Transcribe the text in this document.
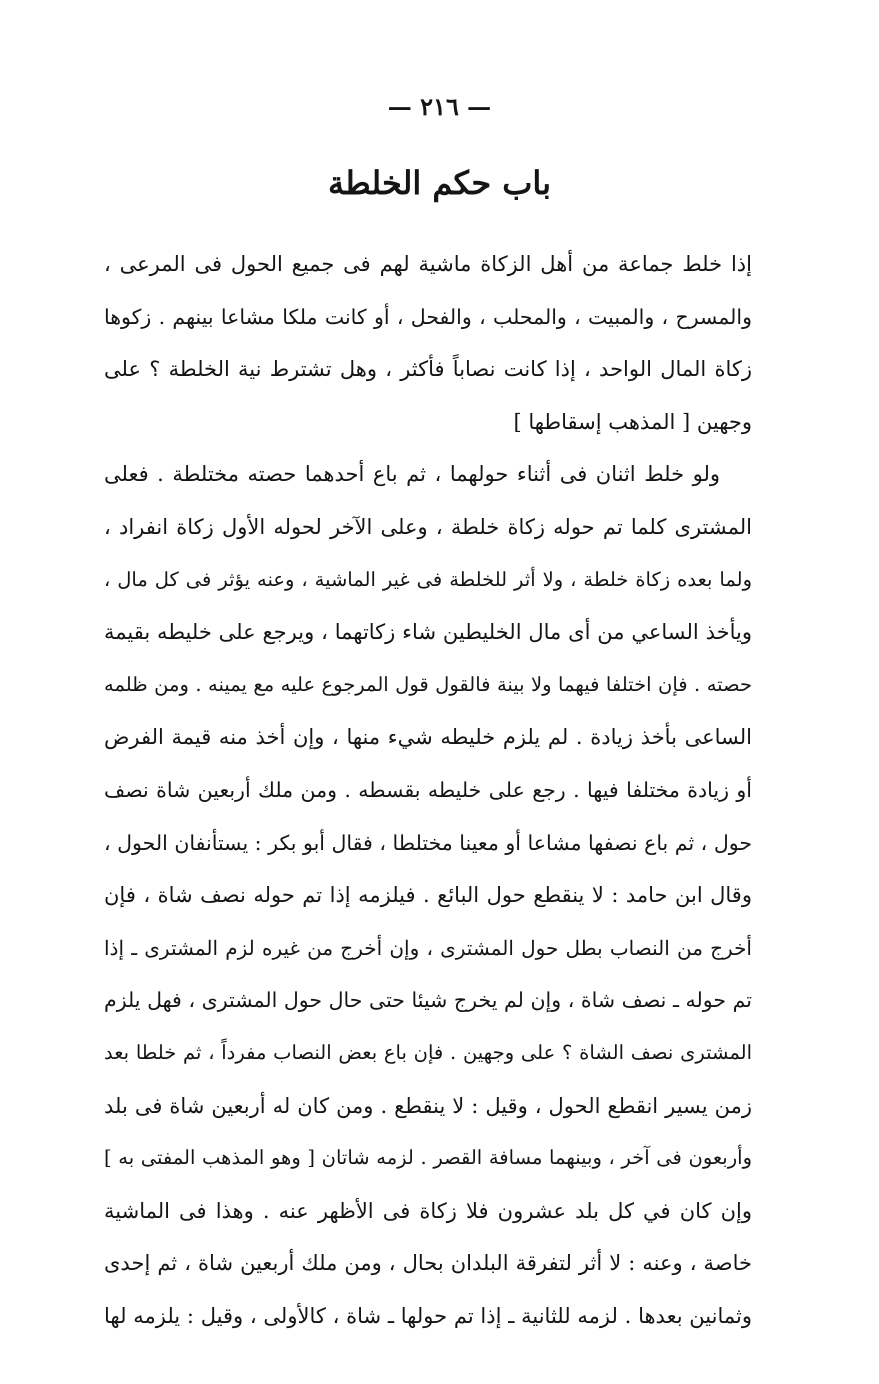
— ٢١٦ —
باب حكم الخلطة
إذا خلط جماعة من أهل الزكاة ماشية لهم فى جميع الحول فى المرعى ،
والمسرح ، والمبيت ، والمحلب ، والفحل ، أو كانت ملكا مشاعا بينهم . زكوها
زكاة المال الواحد ، إذا كانت نصاباً فأكثر ، وهل تشترط نية الخلطة ؟ على
وجهين [ المذهب إسقاطها ]
ولو خلط اثنان فى أثناء حولهما ، ثم باع أحدهما حصته مختلطة . فعلى
المشترى كلما تم حوله زكاة خلطة ، وعلى الآخر لحوله الأول زكاة انفراد ،
ولما بعده زكاة خلطة ، ولا أثر للخلطة فى غير الماشية ، وعنه يؤثر فى كل مال ،
ويأخذ الساعي من أى مال الخليطين شاء زكاتهما ، ويرجع على خليطه بقيمة
حصته . فإن اختلفا فيهما ولا بينة فالقول قول المرجوع عليه مع يمينه . ومن ظلمه
الساعى بأخذ زيادة . لم يلزم خليطه شيء منها ، وإن أخذ منه قيمة الفرض
أو زيادة مختلفا فيها . رجع على خليطه بقسطه . ومن ملك أربعين شاة نصف
حول ، ثم باع نصفها مشاعا أو معينا مختلطا ، فقال أبو بكر : يستأنفان الحول ،
وقال ابن حامد : لا ينقطع حول البائع . فيلزمه إذا تم حوله نصف شاة ، فإن
أخرج من النصاب بطل حول المشترى ، وإن أخرج من غيره لزم المشترى ـ إذا
تم حوله ـ نصف شاة ، وإن لم يخرج شيئا حتى حال حول المشترى ، فهل يلزم
المشترى نصف الشاة ؟ على وجهين . فإن باع بعض النصاب مفرداً ، ثم خلطا بعد
زمن يسير انقطع الحول ، وقيل : لا ينقطع . ومن كان له أربعين شاة فى بلد
وأربعون فى آخر ، وبينهما مسافة القصر . لزمه شاتان [ وهو المذهب المفتى به ]
وإن كان في كل بلد عشرون فلا زكاة فى الأظهر عنه . وهذا فى الماشية
خاصة ، وعنه : لا أثر لتفرقة البلدان بحال ، ومن ملك أربعين شاة ، ثم إحدى
وثمانين بعدها . لزمه للثانية ـ إذا تم حولها ـ شاة ، كالأولى ، وقيل : يلزمه لها
